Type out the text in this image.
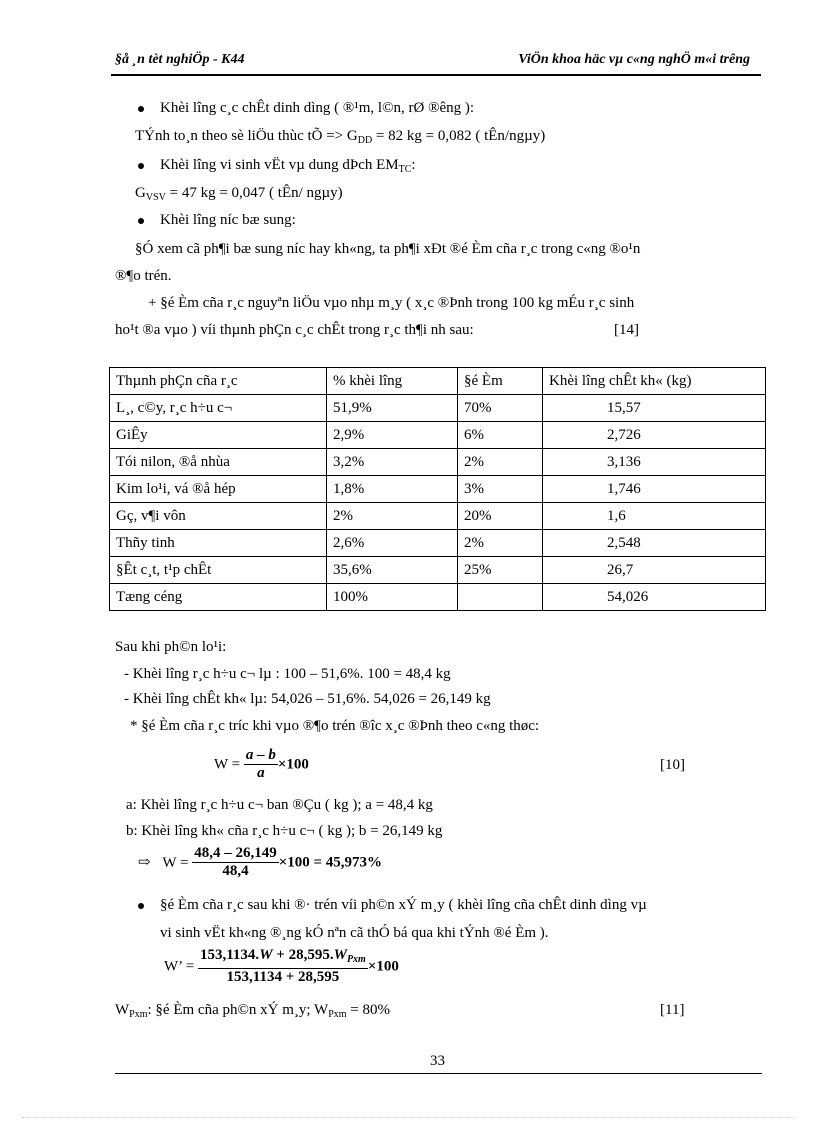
§å ¸n tèt nghiÖp - K44	ViÖn khoa häc vµ c«ng nghÖ m«i trêng
Khèi lîng c¸c chÊt dinh dìng ( ®¹m, l©n, rØ ®êng ):
TÝnh to¸n theo sè liÖu thùc tÕ => $G_{DD} = 82$ kg = 0,082 ( tÊn/ngµy)
Khèi lîng vi sinh vËt vµ dung dÞch $EM_{TC}$:
$G_{VSV} = 47$ kg = 0,047 ( tÊn/ ngµy)
Khèi lîng níc bæ sung:
§Ó xem cã ph¶i bæ sung níc hay kh«ng, ta ph¶i xÐt ®é Èm cña r¸c trong c«ng ®o¹n
®¶o trén.
+ §é Èm cña r¸c nguyªn liÖu vµo nhµ m¸y ( x¸c ®Þnh trong 100 kg mÉu r¸c sinh
ho¹t ®a vµo ) víi thµnh phÇn c¸c chÊt trong r¸c th¶i nh sau:	[14]
Thµnh phÇn cña r¸c	% khèi lîng	§é Èm	Khèi lîng chÊt kh« (kg)
L¸, c©y, r¸c h÷u c¬	51,9%	70%	15,57
GiÊy	2,9%	6%	2,726
Tói nilon, ®å nhùa	3,2%	2%	3,136
Kim lo¹i, vá ®å hép	1,8%	3%	1,746
Gç, v¶i vôn	2%	20%	1,6
Thñy tinh	2,6%	2%	2,548
§Êt c¸t, t¹p chÊt	35,6%	25%	26,7
Tæng céng	100%		54,026
Sau khi ph©n lo¹i:
- Khèi lîng r¸c h÷u c¬ lµ : 100 – 51,6%. 100 = 48,4 kg
- Khèi lîng chÊt kh« lµ: 54,026 – 51,6%. 54,026 = 26,149 kg
* §é Èm cña r¸c tríc khi vµo ®¶o trén ®îc x¸c ®Þnh theo c«ng thøc:
$W = \frac{a - b}{a} \times 100$	[10]
a: Khèi lîng r¸c h÷u c¬ ban ®Çu ( kg ); a = 48,4 kg
b: Khèi lîng kh« cña r¸c h÷u c¬ ( kg ); b = 26,149 kg
⇨ $W = \frac{48,4 - 26,149}{48,4} \times 100 = 45,973\%$
§é Èm cña r¸c sau khi ®· trén víi ph©n xÝ m¸y ( khèi lîng cña chÊt dinh dìng vµ
vi sinh vËt kh«ng ®¸ng kÓ nªn cã thÓ bá qua khi tÝnh ®é Èm ).
W’ = $\frac{153,1134.W + 28,595.W_{Pxm}}{153,1134 + 28,595} \times 100$
$W_{Pxm}$: §é Èm cña ph©n xÝ m¸y; $W_{Pxm} = 80\%$	[11]
33
